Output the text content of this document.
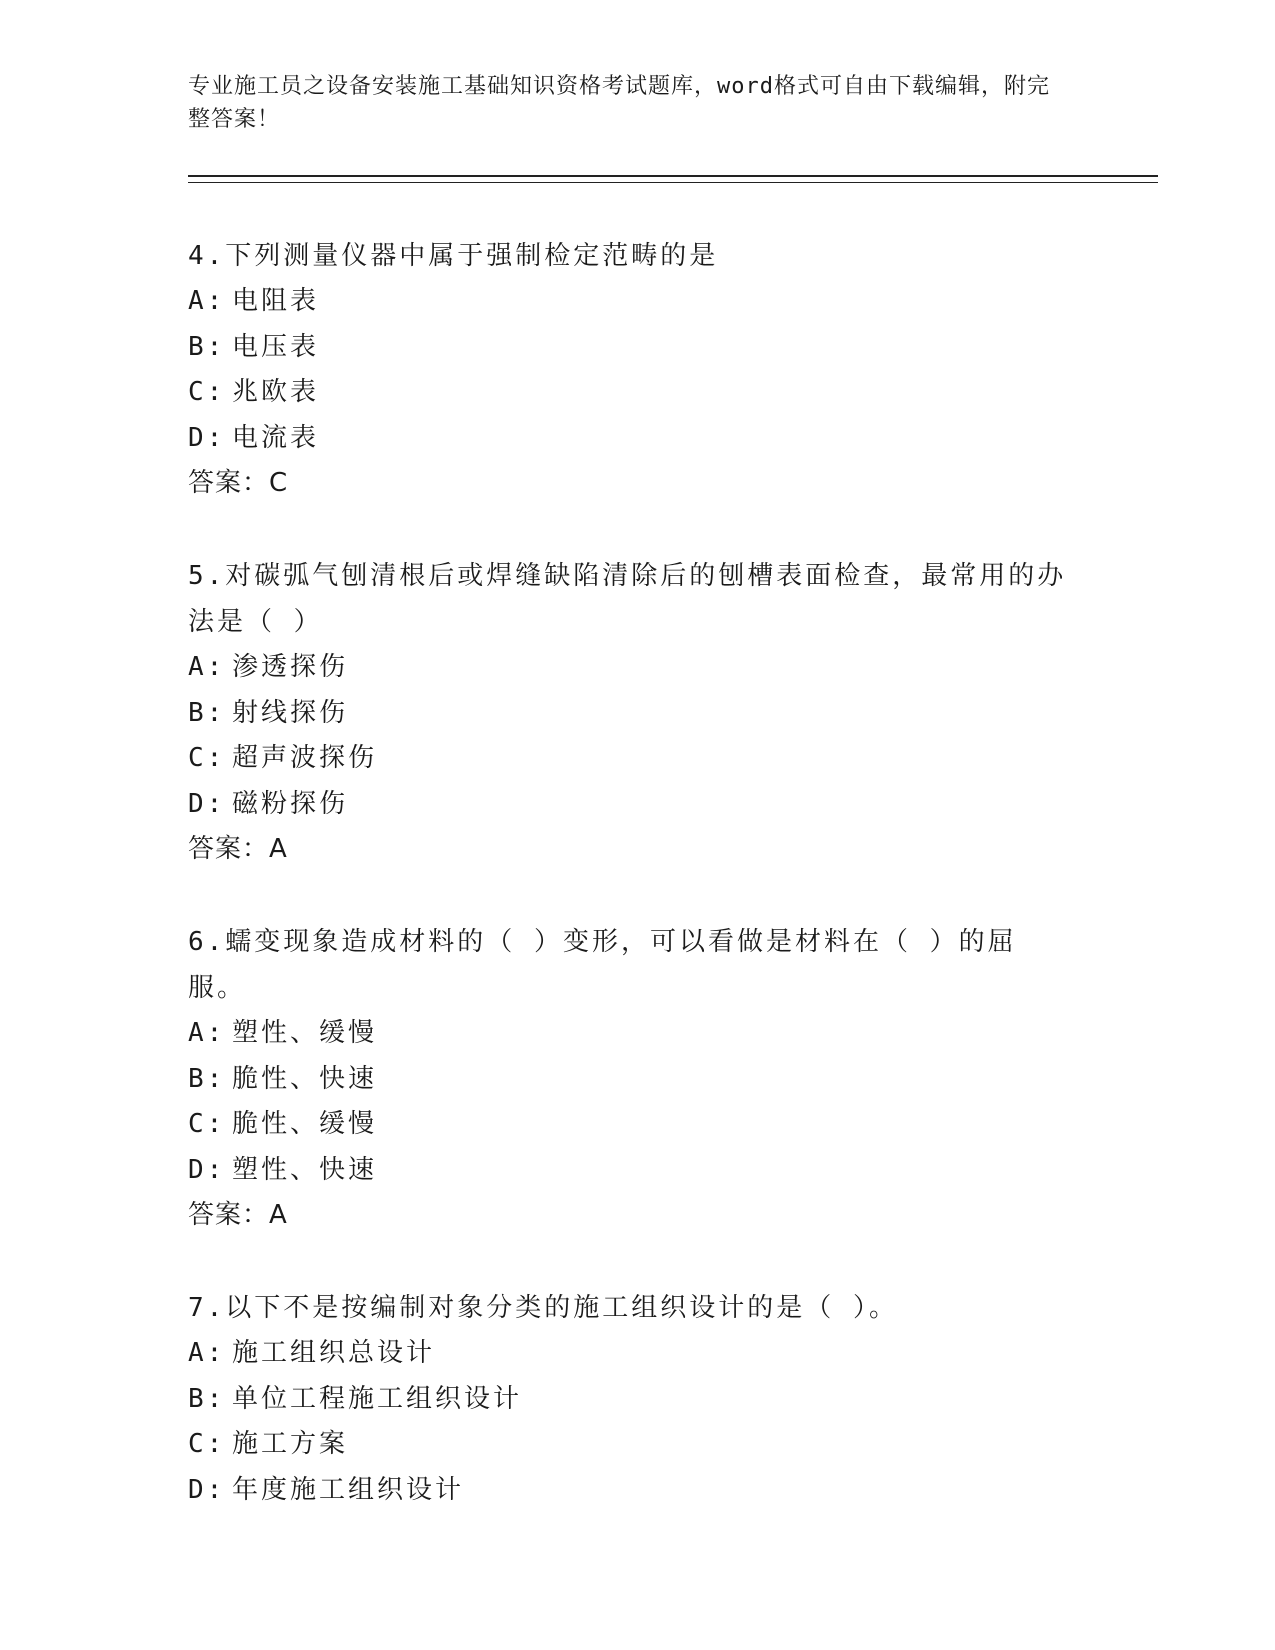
专业施工员之设备安装施工基础知识资格考试题库，word格式可自由下载编辑，附完整答案！
4.下列测量仪器中属于强制检定范畴的是
A: 电阻表
B: 电压表
C: 兆欧表
D: 电流表
答案：C
5.对碳弧气刨清根后或焊缝缺陷清除后的刨槽表面检查，最常用的办法是（ ）
A: 渗透探伤
B: 射线探伤
C: 超声波探伤
D: 磁粉探伤
答案：A
6.蠕变现象造成材料的（ ）变形，可以看做是材料在（ ）的屈服。
A: 塑性、缓慢
B: 脆性、快速
C: 脆性、缓慢
D: 塑性、快速
答案：A
7.以下不是按编制对象分类的施工组织设计的是（ ）。
A: 施工组织总设计
B: 单位工程施工组织设计
C: 施工方案
D: 年度施工组织设计
